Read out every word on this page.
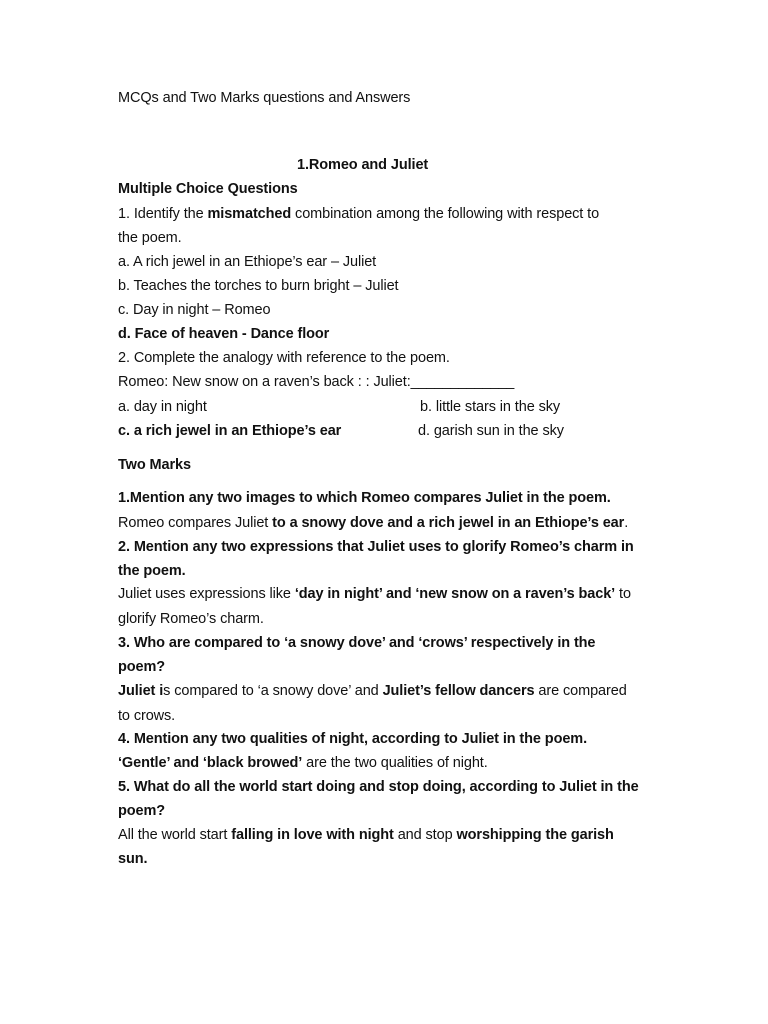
MCQs and Two Marks questions and Answers
1.Romeo and Juliet
Multiple Choice Questions
1. Identify the mismatched combination among the following with respect to
the poem.
a. A rich jewel in an Ethiope’s ear – Juliet
b. Teaches the torches to burn bright – Juliet
c. Day in night – Romeo
d. Face of heaven - Dance floor
2. Complete the analogy with reference to the poem.
Romeo: New snow on a raven’s back : : Juliet:_____________
a. day in night	b. little stars in the sky
c. a rich jewel in an Ethiope’s ear	d. garish sun in the sky
Two Marks
1.Mention any two images to which Romeo compares Juliet in the poem.
Romeo compares Juliet to a snowy dove and a rich jewel in an Ethiope’s ear.
2. Mention any two expressions that Juliet uses to glorify Romeo’s charm in
the poem.
Juliet uses expressions like ‘day in night’ and ‘new snow on a raven’s back’ to
glorify Romeo’s charm.
3. Who are compared to ‘a snowy dove’ and ‘crows’ respectively in the
poem?
Juliet is compared to ‘a snowy dove’ and Juliet’s fellow dancers are compared
to crows.
4. Mention any two qualities of night, according to Juliet in the poem.
‘Gentle’ and ‘black browed’ are the two qualities of night.
5. What do all the world start doing and stop doing, according to Juliet in the
poem?
All the world start falling in love with night and stop worshipping the garish
sun.
